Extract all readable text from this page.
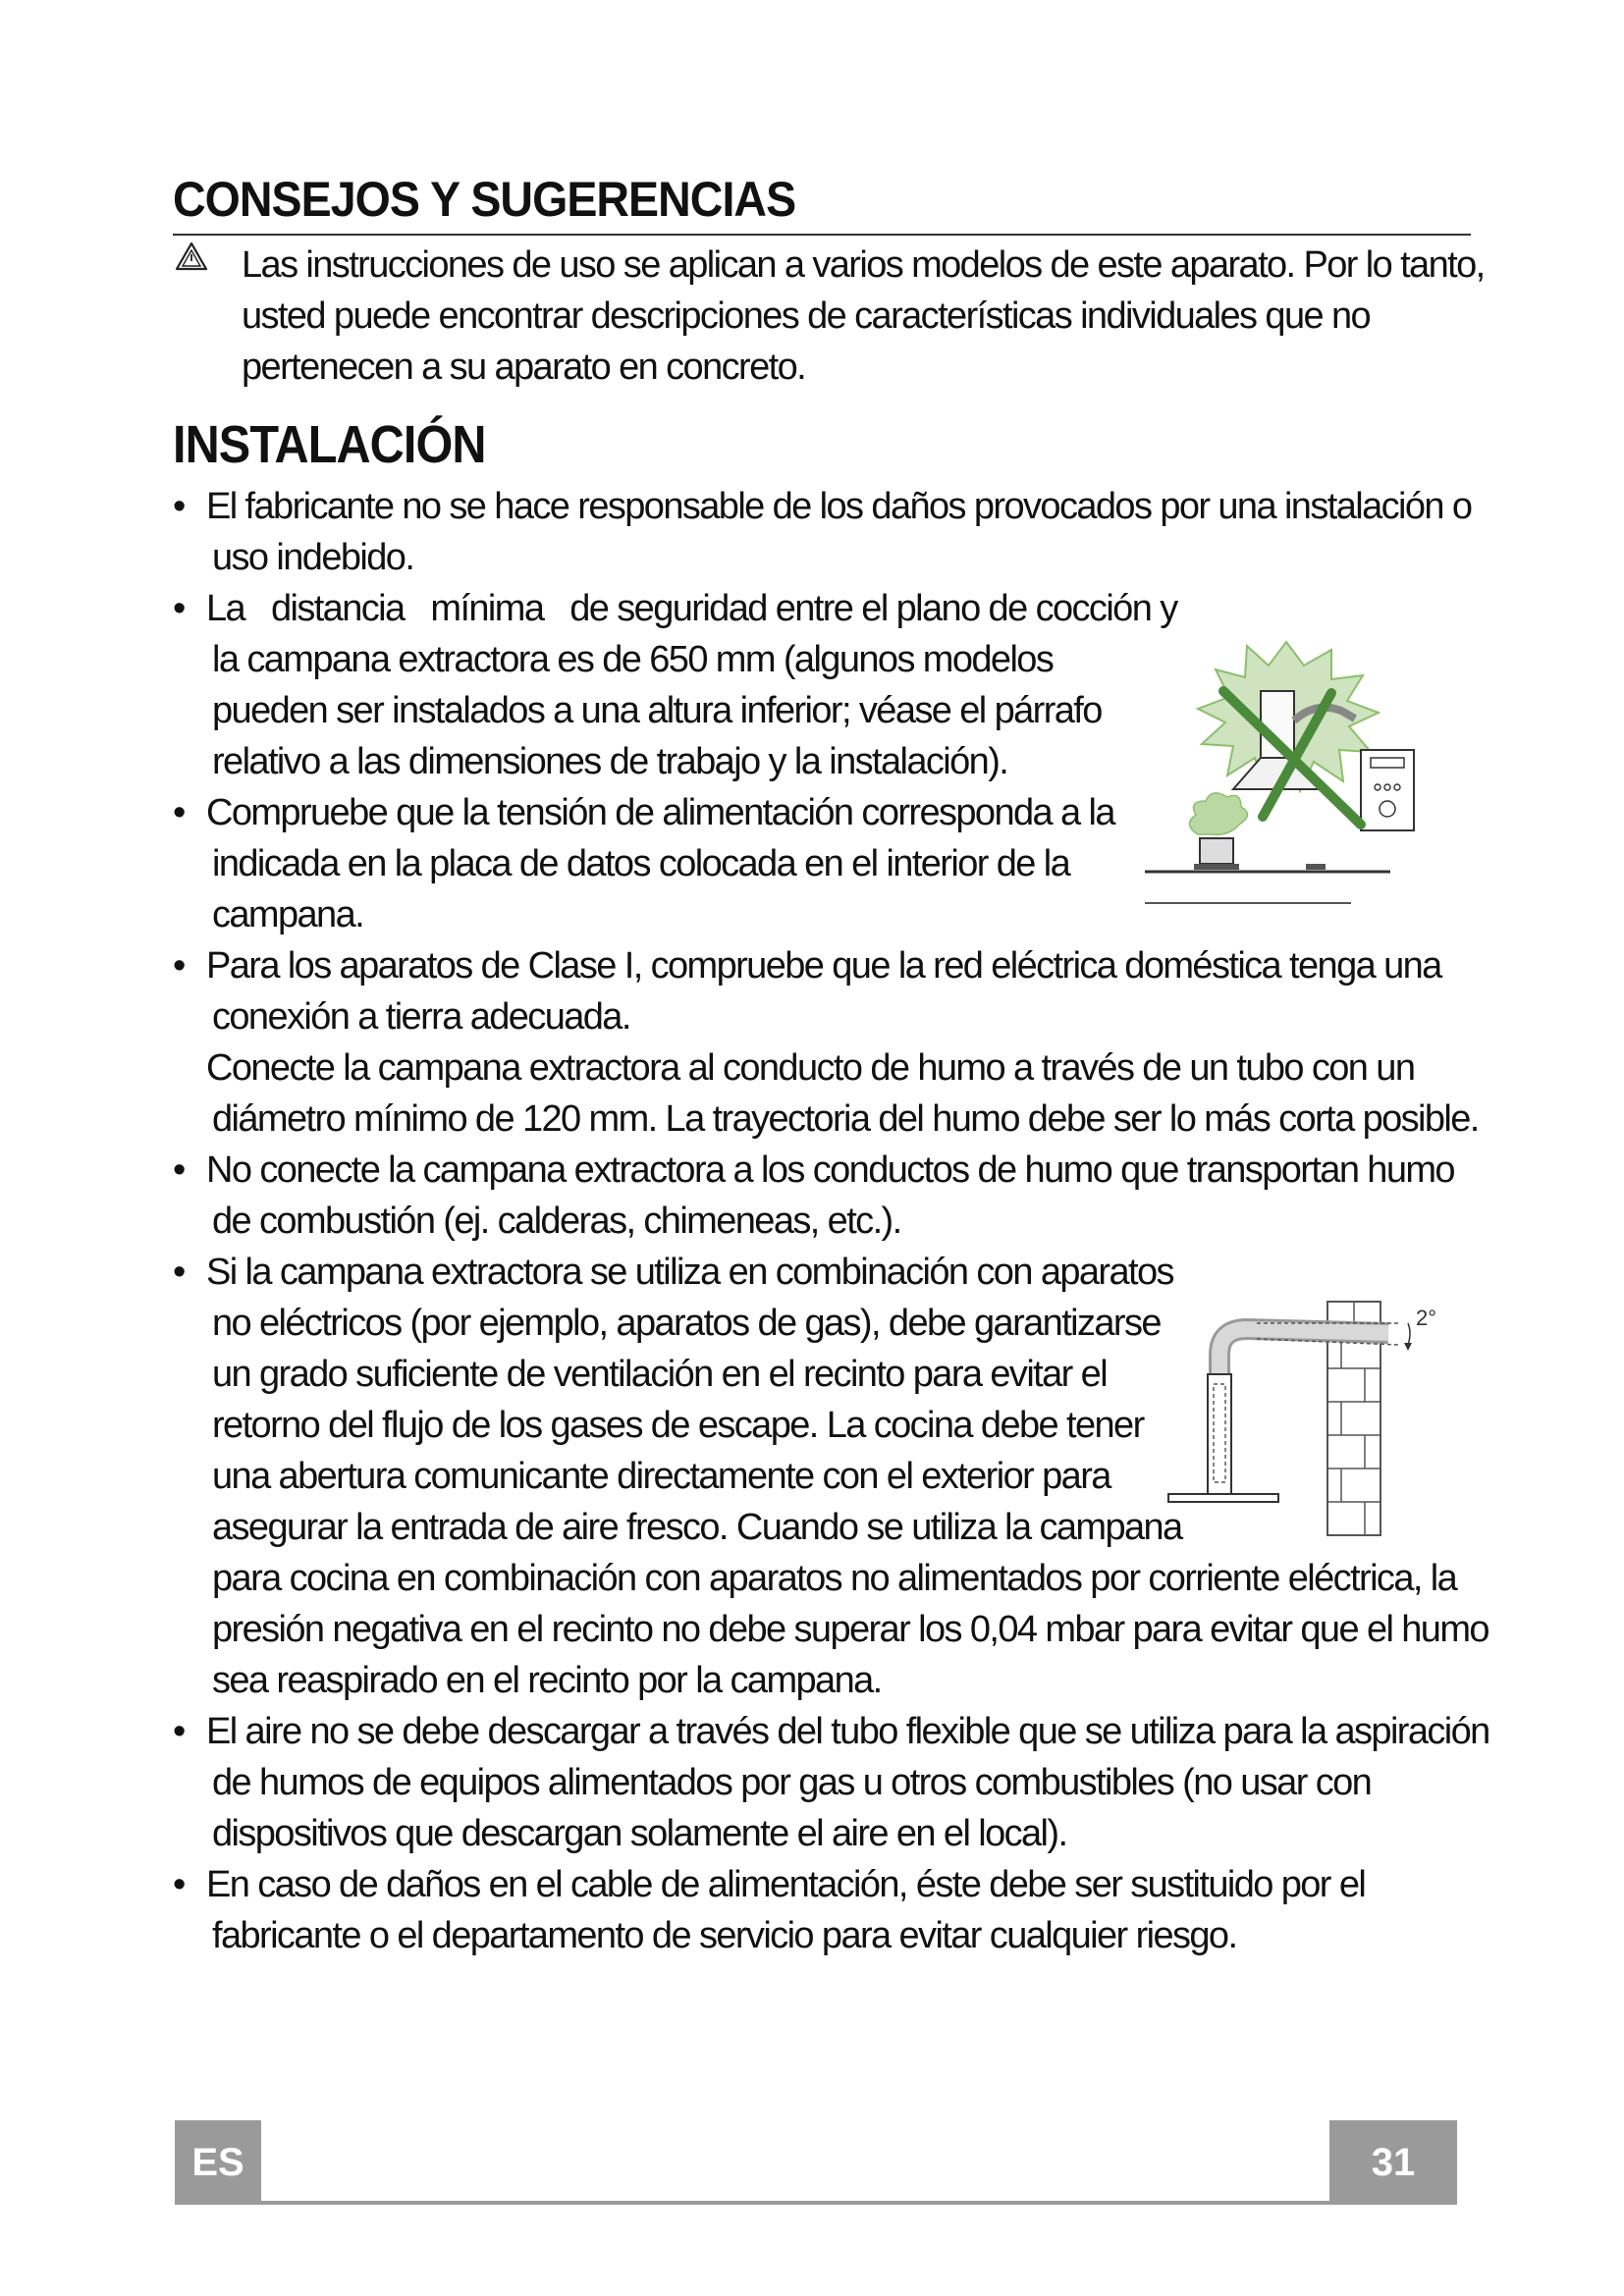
CONSEJOS Y SUGERENCIAS

Las instrucciones de uso se aplican a varios modelos de este aparato. Por lo tanto,

usted puede encontrar descripciones de características individuales que no

pertenecen a su aparato en concreto.

INSTALACIÓN
• El fabricante no se hace responsable de los daños provocados por una instalación o

uso indebido.

• La   distancia   mínima   de seguridad entre el plano de cocción y

la campana extractora es de 650 mm (algunos modelos

pueden ser instalados a una altura inferior; véase el párrafo

relativo a las dimensiones de trabajo y la instalación).

• Compruebe que la tensión de alimentación corresponda a la

indicada en la placa de datos colocada en el interior de la

campana.

• Para los aparatos de Clase I, compruebe que la red eléctrica doméstica tenga una

conexión a tierra adecuada.

Conecte la campana extractora al conducto de humo a través de un tubo con un

diámetro mínimo de 120 mm. La trayectoria del humo debe ser lo más corta posible.

• No conecte la campana extractora a los conductos de humo que transportan humo

de combustión (ej. calderas, chimeneas, etc.).

• Si la campana extractora se utiliza en combinación con aparatos

no eléctricos (por ejemplo, aparatos de gas), debe garantizarse

un grado suficiente de ventilación en el recinto para evitar el

retorno del flujo de los gases de escape. La cocina debe tener

una abertura comunicante directamente con el exterior para

asegurar la entrada de aire fresco. Cuando se utiliza la campana

para cocina en combinación con aparatos no alimentados por corriente eléctrica, la

presión negativa en el recinto no debe superar los 0,04 mbar para evitar que el humo

sea reaspirado en el recinto por la campana.

• El aire no se debe descargar a través del tubo flexible que se utiliza para la aspiración

de humos de equipos alimentados por gas u otros combustibles (no usar con

dispositivos que descargan solamente el aire en el local).

• En caso de daños en el cable de alimentación, éste debe ser sustituido por el

fabricante o el departamento de servicio para evitar cualquier riesgo.

2°
ES	31
